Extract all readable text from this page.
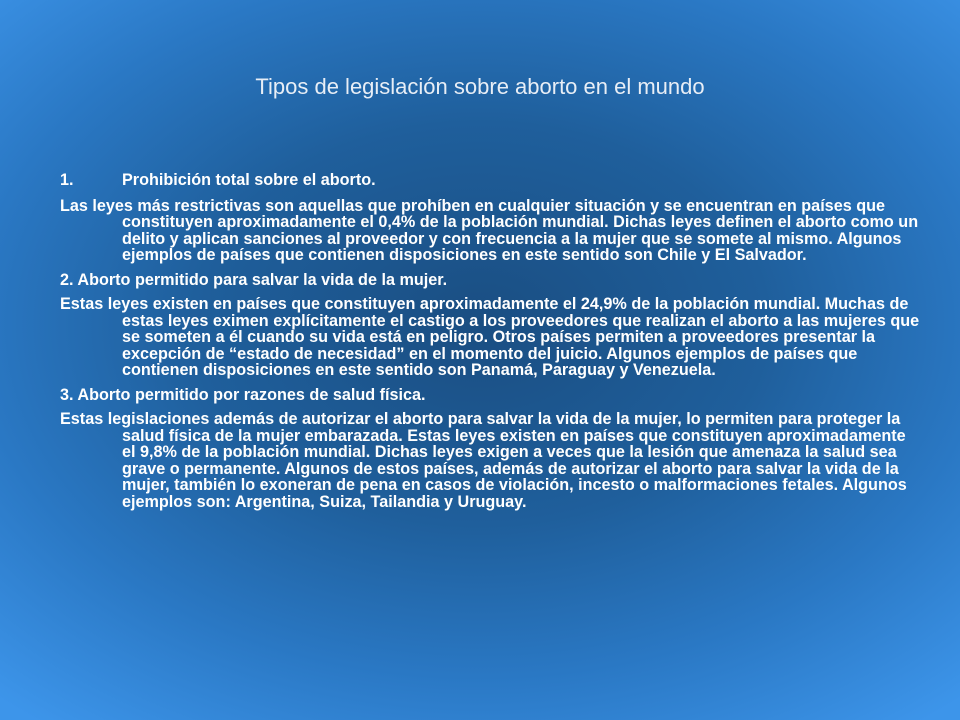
Tipos de legislación sobre aborto en el mundo
1.	Prohibición total sobre el aborto.

Las leyes más restrictivas son aquellas que prohíben en cualquier situación y se encuentran en países que constituyen aproximadamente el 0,4% de la población mundial. Dichas leyes definen el aborto como un delito y aplican sanciones al proveedor y con frecuencia a la mujer que se somete al mismo. Algunos ejemplos de países que contienen disposiciones en este sentido son Chile y El Salvador.

2. Aborto permitido para salvar la vida de la mujer.

Estas leyes existen en países que constituyen aproximadamente el 24,9% de la población mundial. Muchas de estas leyes eximen explícitamente el castigo a los proveedores que realizan el aborto a las mujeres que se someten a él cuando su vida está en peligro. Otros países permiten a proveedores presentar la excepción de “estado de necesidad” en el momento del juicio. Algunos ejemplos de países que contienen disposiciones en este sentido son Panamá, Paraguay y Venezuela.

3. Aborto permitido por razones de salud física.

Estas legislaciones además de autorizar el aborto para salvar la vida de la mujer, lo permiten para proteger la salud física de la mujer embarazada. Estas leyes existen en países que constituyen aproximadamente el 9,8% de la población mundial. Dichas leyes exigen a veces que la lesión que amenaza la salud sea grave o permanente. Algunos de estos países, además de autorizar el aborto para salvar la vida de la mujer, también lo exoneran de pena en casos de violación, incesto o malformaciones fetales. Algunos ejemplos son: Argentina, Suiza, Tailandia y Uruguay.
